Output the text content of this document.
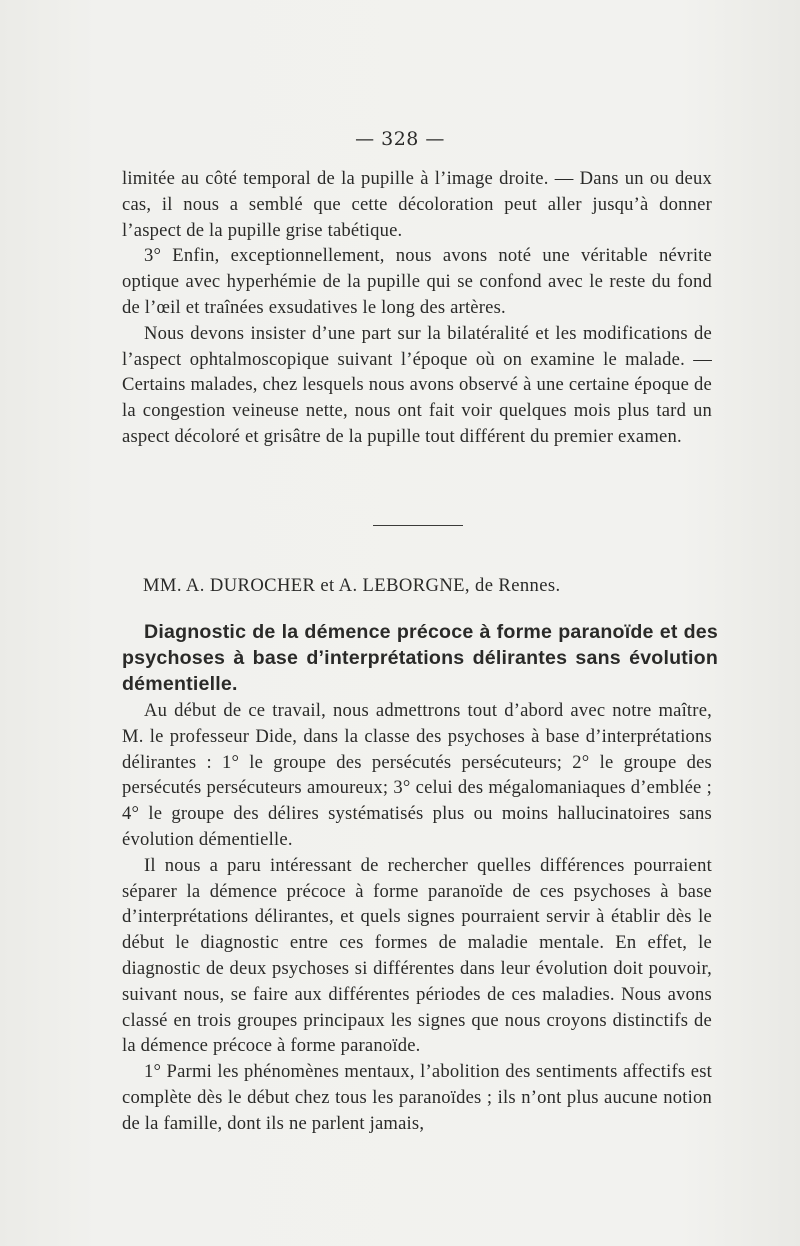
— 328 —

limitée au côté temporal de la pupille à l’image droite. — Dans un ou deux cas, il nous a semblé que cette décoloration peut aller jusqu’à donner l’aspect de la pupille grise tabétique.

3° Enfin, exceptionnellement, nous avons noté une véritable névrite optique avec hyperhémie de la pupille qui se confond avec le reste du fond de l’œil et traînées exsudatives le long des artères.

Nous devons insister d’une part sur la bilatéralité et les modifications de l’aspect ophtalmoscopique suivant l’époque où on examine le malade. — Certains malades, chez lesquels nous avons observé à une certaine époque de la congestion veineuse nette, nous ont fait voir quelques mois plus tard un aspect décoloré et grisâtre de la pupille tout différent du premier examen.

MM. A. DUROCHER et A. LEBORGNE, de Rennes.

Diagnostic de la démence précoce à forme paranoïde et des psychoses à base d’interprétations délirantes sans évolution démentielle.

Au début de ce travail, nous admettrons tout d’abord avec notre maître, M. le professeur Dide, dans la classe des psychoses à base d’interprétations délirantes : 1° le groupe des persécutés persécuteurs; 2° le groupe des persécutés persécuteurs amoureux; 3° celui des mégalomaniaques d’emblée ; 4° le groupe des délires systématisés plus ou moins hallucinatoires sans évolution démentielle.

Il nous a paru intéressant de rechercher quelles différences pourraient séparer la démence précoce à forme paranoïde de ces psychoses à base d’interprétations délirantes, et quels signes pourraient servir à établir dès le début le diagnostic entre ces formes de maladie mentale. En effet, le diagnostic de deux psychoses si différentes dans leur évolution doit pouvoir, suivant nous, se faire aux différentes périodes de ces maladies. Nous avons classé en trois groupes principaux les signes que nous croyons distinctifs de la démence précoce à forme paranoïde.

1° Parmi les phénomènes mentaux, l’abolition des sentiments affectifs est complète dès le début chez tous les paranoïdes ; ils n’ont plus aucune notion de la famille, dont ils ne parlent jamais,
